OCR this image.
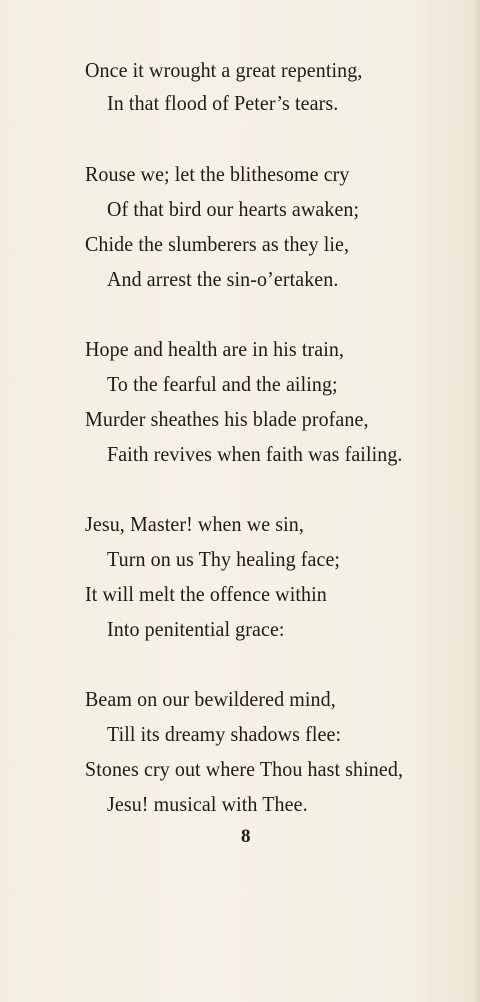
Once it wrought a great repenting,
In that flood of Peter’s tears.
Rouse we; let the blithesome cry
Of that bird our hearts awaken;
Chide the slumberers as they lie,
And arrest the sin-o’ertaken.
Hope and health are in his train,
To the fearful and the ailing;
Murder sheathes his blade profane,
Faith revives when faith was failing.
Jesu, Master! when we sin,
Turn on us Thy healing face;
It will melt the offence within
Into penitential grace:
Beam on our bewildered mind,
Till its dreamy shadows flee:
Stones cry out where Thou hast shined,
Jesu! musical with Thee.
8
